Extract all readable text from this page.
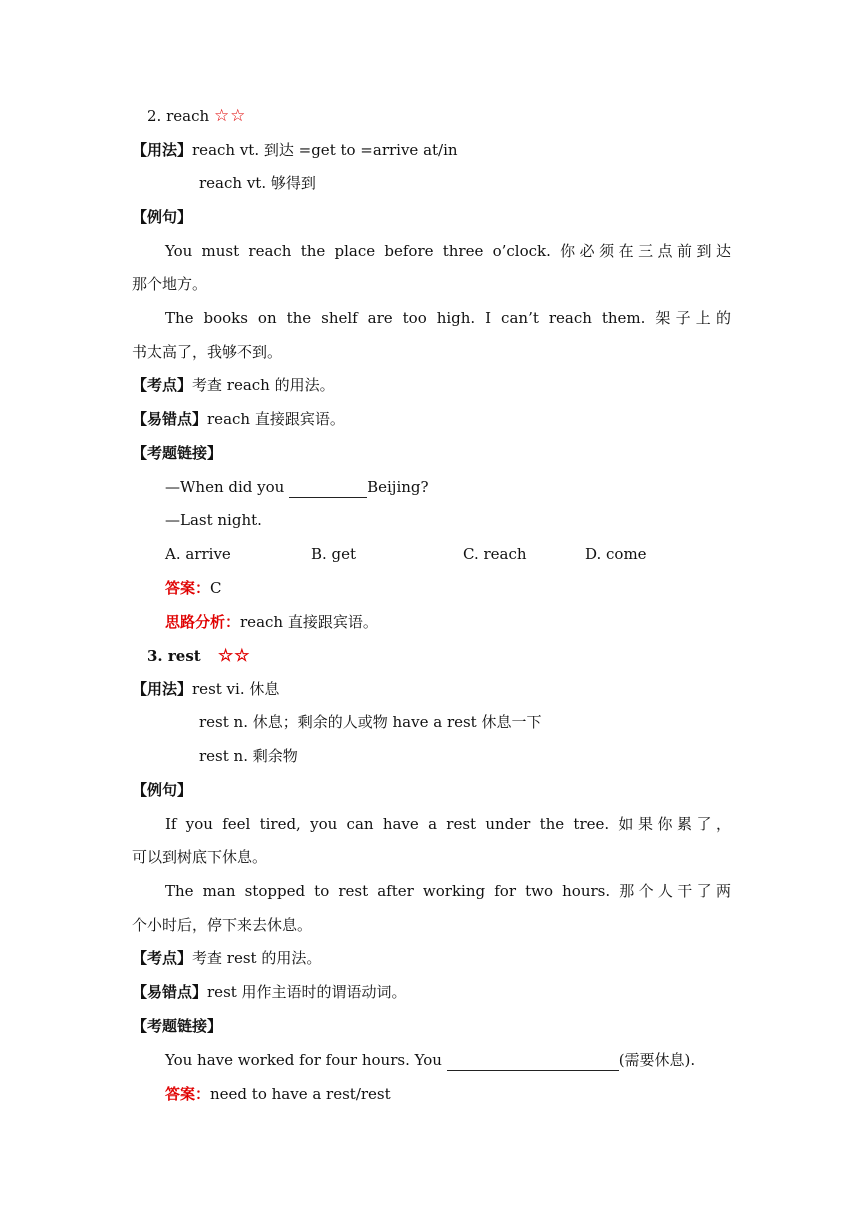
2. reach ☆☆
【用法】reach vt. 到达 =get to =arrive at/in
reach vt. 够得到
【例句】
You must reach the place before three o’clock. 你必须在三点前到达
那个地方。
The books on the shelf are too high. I can’t reach them. 架子上的
书太高了，我够不到。
【考点】考查 reach 的用法。
【易错点】reach 直接跟宾语。
【考题链接】
—When did you	Beijing?
—Last night.
A. arrive	B. get	C. reach	D. come
答案：C
思路分析：reach 直接跟宾语。
3. rest ☆☆
【用法】rest vi. 休息
rest n. 休息；剩余的人或物 have a rest 休息一下
rest n. 剩余物
【例句】
If you feel tired, you can have a rest under the tree. 如果你累了，
可以到树底下休息。
The man stopped to rest after working for two hours. 那个人干了两
个小时后，停下来去休息。
【考点】考查 rest 的用法。
【易错点】rest 用作主语时的谓语动词。
【考题链接】
You have worked for four hours. You	(需要休息).
答案：need to have a rest/rest
